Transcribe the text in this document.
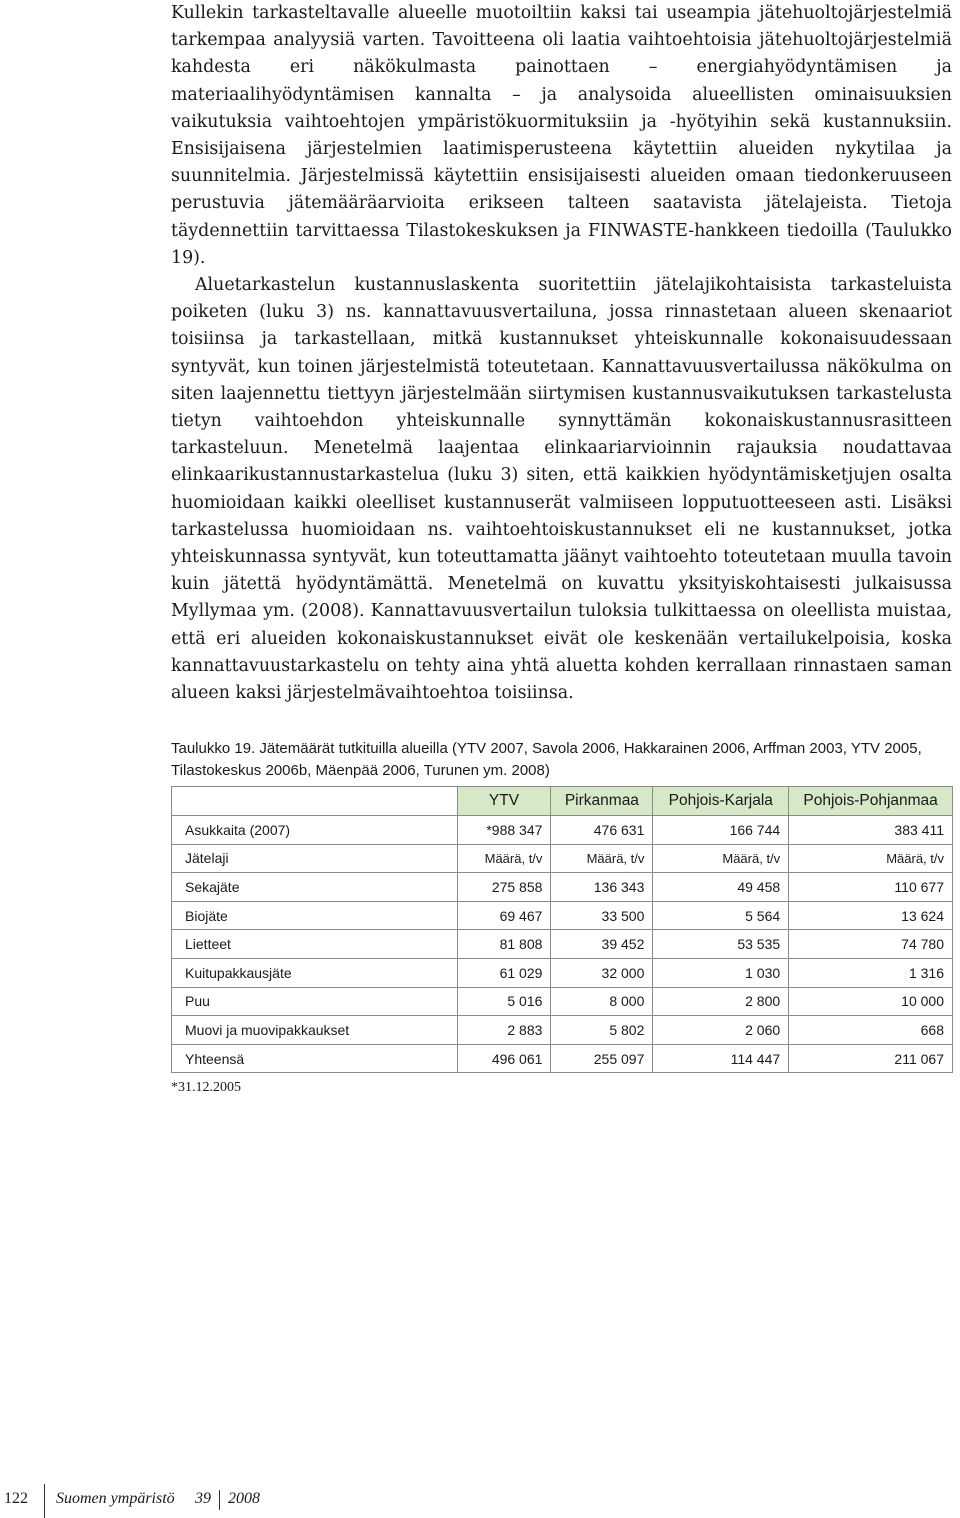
Kullekin tarkasteltavalle alueelle muotoiltiin kaksi tai useampia jätehuoltojärjestelmiä tarkempaa analyysiä varten. Tavoitteena oli laatia vaihtoehtoisia jätehuoltojärjestelmiä kahdesta eri näkökulmasta painottaen – energiahyödyntämisen ja materiaalihyödyntämisen kannalta – ja analysoida alueellisten ominaisuuksien vaikutuksia vaihtoehtojen ympäristökuormituksiin ja -hyötyihin sekä kustannuksiin. Ensisijaisena järjestelmien laatimisperusteena käytettiin alueiden nykytilaa ja suunnitelmia. Järjestelmissä käytettiin ensisijaisesti alueiden omaan tiedonkeruuseen perustuvia jätemääräarvioita erikseen talteen saatavista jätelajeista. Tietoja täydennettiin tarvittaessa Tilastokeskuksen ja FINWASTE-hankkeen tiedoilla (Taulukko 19).

Aluetarkastelun kustannuslaskenta suoritettiin jätelajikohtaisista tarkasteluista poiketen (luku 3) ns. kannattavuusvertailuna, jossa rinnastetaan alueen skenaariot toisiinsa ja tarkastellaan, mitkä kustannukset yhteiskunnalle kokonaisuudessaan syntyvät, kun toinen järjestelmistä toteutetaan. Kannattavuusvertailussa näkökulma on siten laajennettu tiettyyn järjestelmään siirtymisen kustannusvaikutuksen tarkastelusta tietyn vaihtoehdon yhteiskunnalle synnyttämän kokonaiskustannusrasitteen tarkasteluun. Menetelmä laajentaa elinkaariarvioinnin rajauksia noudattavaa elinkaarikustannustarkastelua (luku 3) siten, että kaikkien hyödyntämisketjujen osalta huomioidaan kaikki oleelliset kustannuserät valmiiseen lopputuotteeseen asti. Lisäksi tarkastelussa huomioidaan ns. vaihtoehtoiskustannukset eli ne kustannukset, jotka yhteiskunnassa syntyvät, kun toteuttamatta jäänyt vaihtoehto toteutetaan muulla tavoin kuin jätettä hyödyntämättä. Menetelmä on kuvattu yksityiskohtaisesti julkaisussa Myllymaa ym. (2008). Kannattavuusvertailun tuloksia tulkittaessa on oleellista muistaa, että eri alueiden kokonaiskustannukset eivät ole keskenään vertailukelpoisia, koska kannattavuustarkastelu on tehty aina yhtä aluetta kohden kerrallaan rinnastaen saman alueen kaksi järjestelmävaihtoehtoa toisiinsa.

Taulukko 19. Jätemäärät tutkituilla alueilla (YTV 2007, Savola 2006, Hakkarainen 2006, Arffman 2003, YTV 2005, Tilastokeskus 2006b, Mäenpää 2006, Turunen ym. 2008)

	YTV	Pirkanmaa	Pohjois-Karjala	Pohjois-Pohjanmaa
Asukkaita (2007)	*988 347	476 631	166 744	383 411
Jätelaji	Määrä, t/v	Määrä, t/v	Määrä, t/v	Määrä, t/v
Sekajäte	275 858	136 343	49 458	110 677
Biojäte	69 467	33 500	5 564	13 624
Lietteet	81 808	39 452	53 535	74 780
Kuitupakkausjäte	61 029	32 000	1 030	1 316
Puu	5 016	8 000	2 800	10 000
Muovi ja muovipakkaukset	2 883	5 802	2 060	668
Yhteensä	496 061	255 097	114 447	211 067
*31.12.2005
122 Suomen ympäristö 39 2008
